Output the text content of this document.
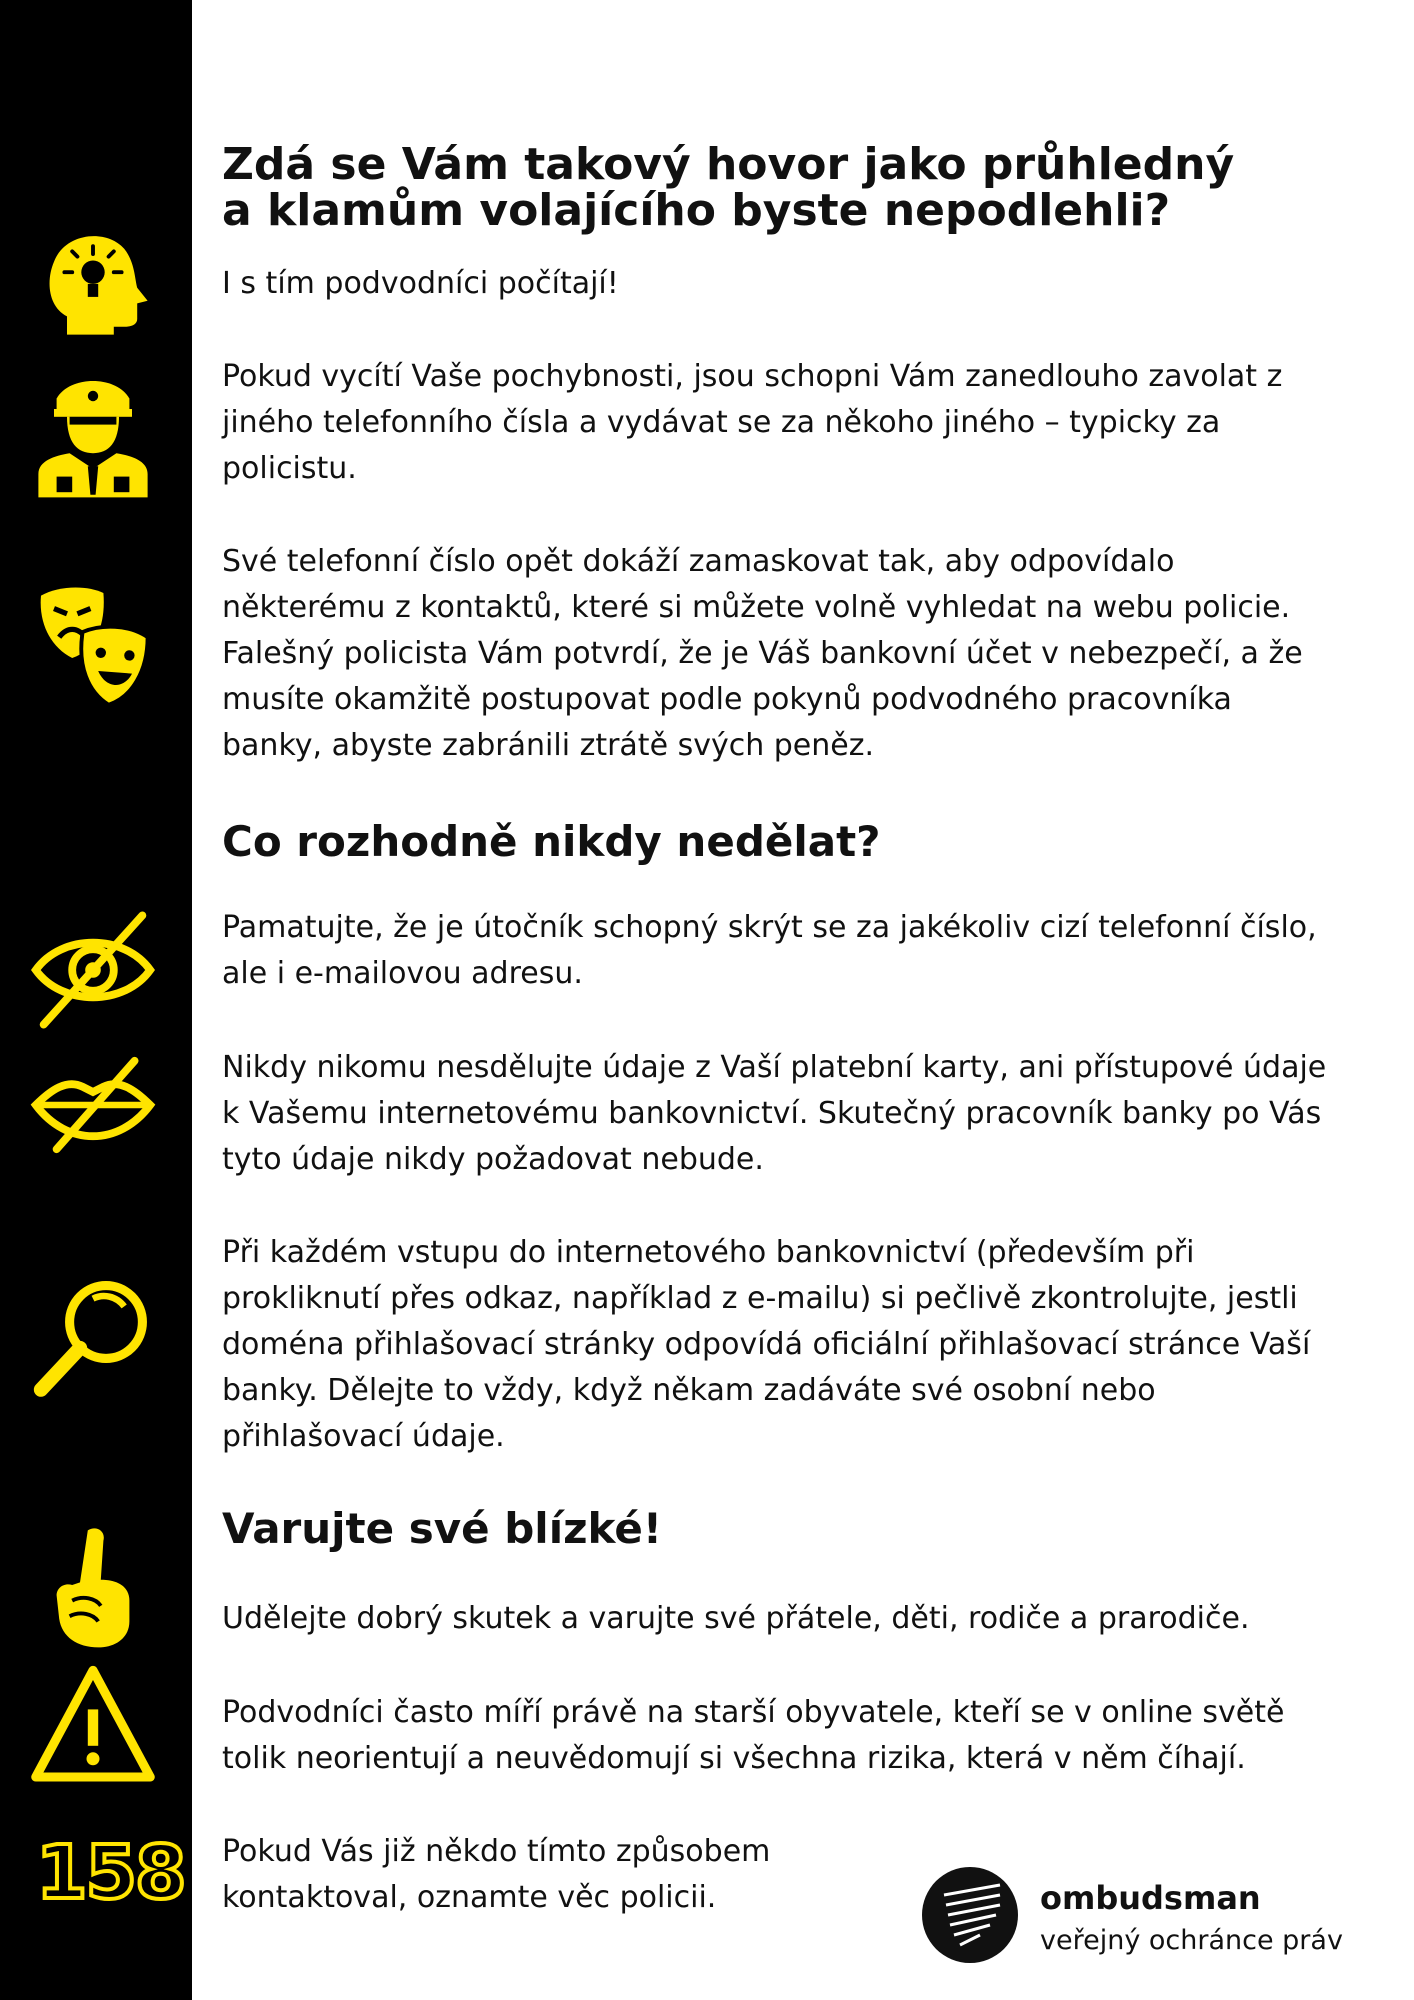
158
Zdá se Vám takový hovor jako průhledný
a klamům volajícího byste nepodlehli?

I s tím podvodníci počítají!

Pokud vycítí Vaše pochybnosti, jsou schopni Vám zanedlouho zavolat z jiného telefonního čísla a vydávat se za někoho jiného – typicky za policistu.

Své telefonní číslo opět dokáží zamaskovat tak, aby odpovídalo některému z kontaktů, které si můžete volně vyhledat na webu policie. Falešný policista Vám potvrdí, že je Váš bankovní účet v nebezpečí, a že musíte okamžitě postupovat podle pokynů podvodného pracovníka banky, abyste zabránili ztrátě svých peněz.

Co rozhodně nikdy nedělat?

Pamatujte, že je útočník schopný skrýt se za jakékoliv cizí telefonní číslo, ale i e-mailovou adresu.

Nikdy nikomu nesdělujte údaje z Vaší platební karty, ani přístupové údaje k Vašemu internetovému bankovnictví. Skutečný pracovník banky po Vás tyto údaje nikdy požadovat nebude.

Při každém vstupu do internetového bankovnictví (především při prokliknutí přes odkaz, například z e-mailu) si pečlivě zkontrolujte, jestli doména přihlašovací stránky odpovídá oficiální přihlašovací stránce Vaší banky. Dělejte to vždy, když někam zadáváte své osobní nebo přihlašovací údaje.

Varujte své blízké!

Udělejte dobrý skutek a varujte své přátele, děti, rodiče a prarodiče.

Podvodníci často míří právě na starší obyvatele, kteří se v online světě tolik neorientují a neuvědomují si všechna rizika, která v něm číhají.

Pokud Vás již někdo tímto způsobem
kontaktoval, oznamte věc policii.	ombudsman
veřejný ochránce práv
